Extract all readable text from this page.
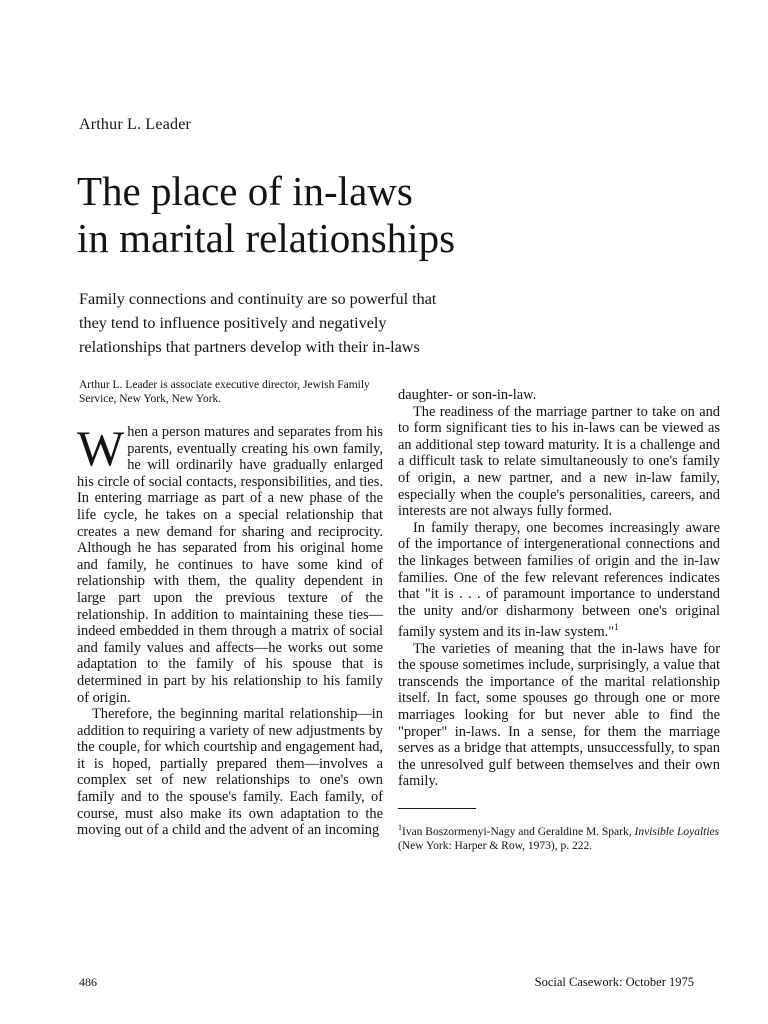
Arthur L. Leader
The place of in-laws
in marital relationships
Family connections and continuity are so powerful that
they tend to influence positively and negatively
relationships that partners develop with their in-laws
Arthur L. Leader is associate executive director, Jewish Family Service, New York, New York.

When a person matures and separates from his parents, eventually creating his own family, he will ordinarily have gradually enlarged his circle of social contacts, responsibilities, and ties. In entering marriage as part of a new phase of the life cycle, he takes on a special relationship that creates a new demand for sharing and reciprocity. Although he has separated from his original home and family, he continues to have some kind of relationship with them, the quality dependent in large part upon the previous texture of the relationship. In addition to maintaining these ties—indeed embedded in them through a matrix of social and family values and affects—he works out some adaptation to the family of his spouse that is determined in part by his relationship to his family of origin.

Therefore, the beginning marital relationship—in addition to requiring a variety of new adjustments by the couple, for which courtship and engagement had, it is hoped, partially prepared them—involves a complex set of new relationships to one's own family and to the spouse's family. Each family, of course, must also make its own adaptation to the moving out of a child and the advent of an incoming

daughter- or son-in-law.

The readiness of the marriage partner to take on and to form significant ties to his in-laws can be viewed as an additional step toward maturity. It is a challenge and a difficult task to relate simultaneously to one's family of origin, a new partner, and a new in-law family, especially when the couple's personalities, careers, and interests are not always fully formed.

In family therapy, one becomes increasingly aware of the importance of intergenerational connections and the linkages between families of origin and the in-law families. One of the few relevant references indicates that "it is . . . of paramount importance to understand the unity and/or disharmony between one's original family system and its in-law system."$^1$

The varieties of meaning that the in-laws have for the spouse sometimes include, surprisingly, a value that transcends the importance of the marital relationship itself. In fact, some spouses go through one or more marriages looking for but never able to find the "proper" in-laws. In a sense, for them the marriage serves as a bridge that attempts, unsuccessfully, to span the unresolved gulf between themselves and their own family.

$^1$Ivan Boszormenyi-Nagy and Geraldine M. Spark, Invisible Loyalties (New York: Harper & Row, 1973), p. 222.
486	Social Casework: October 1975
